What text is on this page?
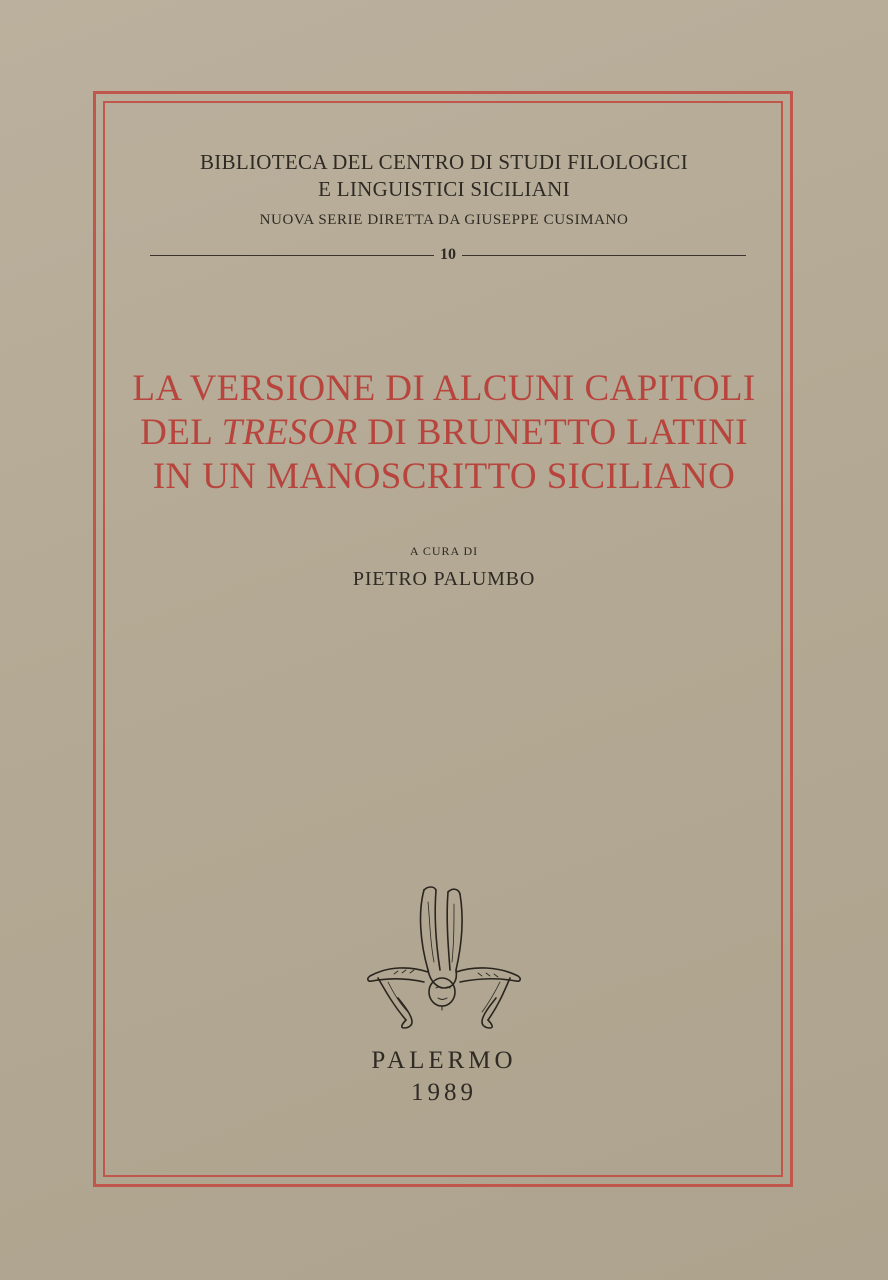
BIBLIOTECA DEL CENTRO DI STUDI FILOLOGICI
E LINGUISTICI SICILIANI
NUOVA SERIE DIRETTA DA GIUSEPPE CUSIMANO
10
LA VERSIONE DI ALCUNI CAPITOLI
DEL TRESOR DI BRUNETTO LATINI
IN UN MANOSCRITTO SICILIANO
A CURA DI
PIETRO PALUMBO
PALERMO
1989
